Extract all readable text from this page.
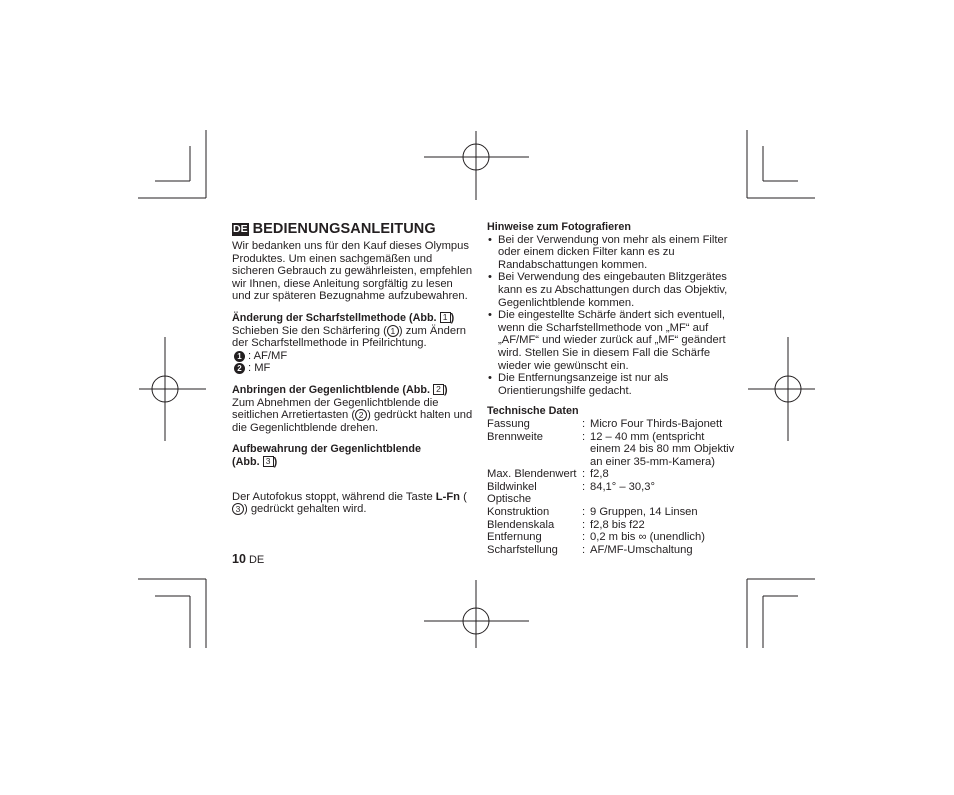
DE BEDIENUNGSANLEITUNG

Wir bedanken uns für den Kauf dieses Olympus Produktes. Um einen sachgemäßen und sicheren Gebrauch zu gewährleisten, empfehlen wir Ihnen, diese Anleitung sorgfältig zu lesen und zur späteren Bezugnahme aufzubewahren.

Änderung der Scharfstellmethode (Abb. 1 )
Schieben Sie den Schärfering ( 1 ) zum Ändern der Scharfstellmethode in Pfeilrichtung.
1 : AF/MF
2 : MF
Anbringen der Gegenlichtblende (Abb. 2 )
Zum Abnehmen der Gegenlichtblende die seitlichen Arretiertasten ( 2 ) gedrückt halten und die Gegenlichtblende drehen.
Aufbewahrung der Gegenlichtblende
(Abb. 3 )
Der Autofokus stoppt, während die Taste L-Fn (3 ) gedrückt gehalten wird.
Hinweise zum Fotografieren
• Bei der Verwendung von mehr als einem Filter oder einem dicken Filter kann es zu Randabschattungen kommen.
• Bei Verwendung des eingebauten Blitzgerätes kann es zu Abschattungen durch das Objektiv, Gegenlichtblende kommen.
• Die eingestellte Schärfe ändert sich eventuell, wenn die Scharfstellmethode von „MF“ auf „AF/MF“ und wieder zurück auf „MF“ geändert wird. Stellen Sie in diesem Fall die Schärfe wieder wie gewünscht ein.
• Die Entfernungsanzeige ist nur als Orientierungshilfe gedacht.
Technische Daten
Fassung	: Micro Four Thirds-Bajonett
Brennweite	: 12 – 40 mm (entspricht einem 24 bis 80 mm Objektiv an einer 35-mm-Kamera)
Max. Blendenwert : f2,8
Bildwinkel	: 84,1° – 30,3°
Optische
Konstruktion	: 9 Gruppen, 14 Linsen
Blendenskala	: f2,8 bis f22
Entfernung	: 0,2 m bis ∞ (unendlich)
Scharfstellung	: AF/MF-Umschaltung
10 DE
